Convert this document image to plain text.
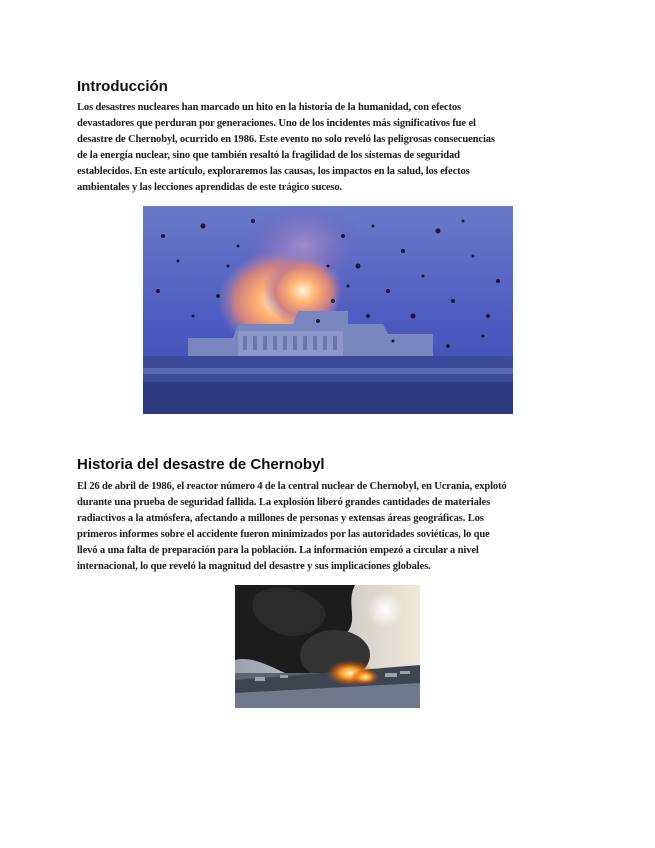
Introducción
Los desastres nucleares han marcado un hito en la historia de la humanidad, con efectos
devastadores que perduran por generaciones. Uno de los incidentes más significativos fue el
desastre de Chernobyl, ocurrido en 1986. Este evento no solo reveló las peligrosas consecuencias
de la energía nuclear, sino que también resaltó la fragilidad de los sistemas de seguridad
establecidos. En este artículo, exploraremos las causas, los impactos en la salud, los efectos
ambientales y las lecciones aprendidas de este trágico suceso.
Historia del desastre de Chernobyl
El 26 de abril de 1986, el reactor número 4 de la central nuclear de Chernobyl, en Ucrania, explotó
durante una prueba de seguridad fallida. La explosión liberó grandes cantidades de materiales
radiactivos a la atmósfera, afectando a millones de personas y extensas áreas geográficas. Los
primeros informes sobre el accidente fueron minimizados por las autoridades soviéticas, lo que
llevó a una falta de preparación para la población. La información empezó a circular a nivel
internacional, lo que reveló la magnitud del desastre y sus implicaciones globales.
